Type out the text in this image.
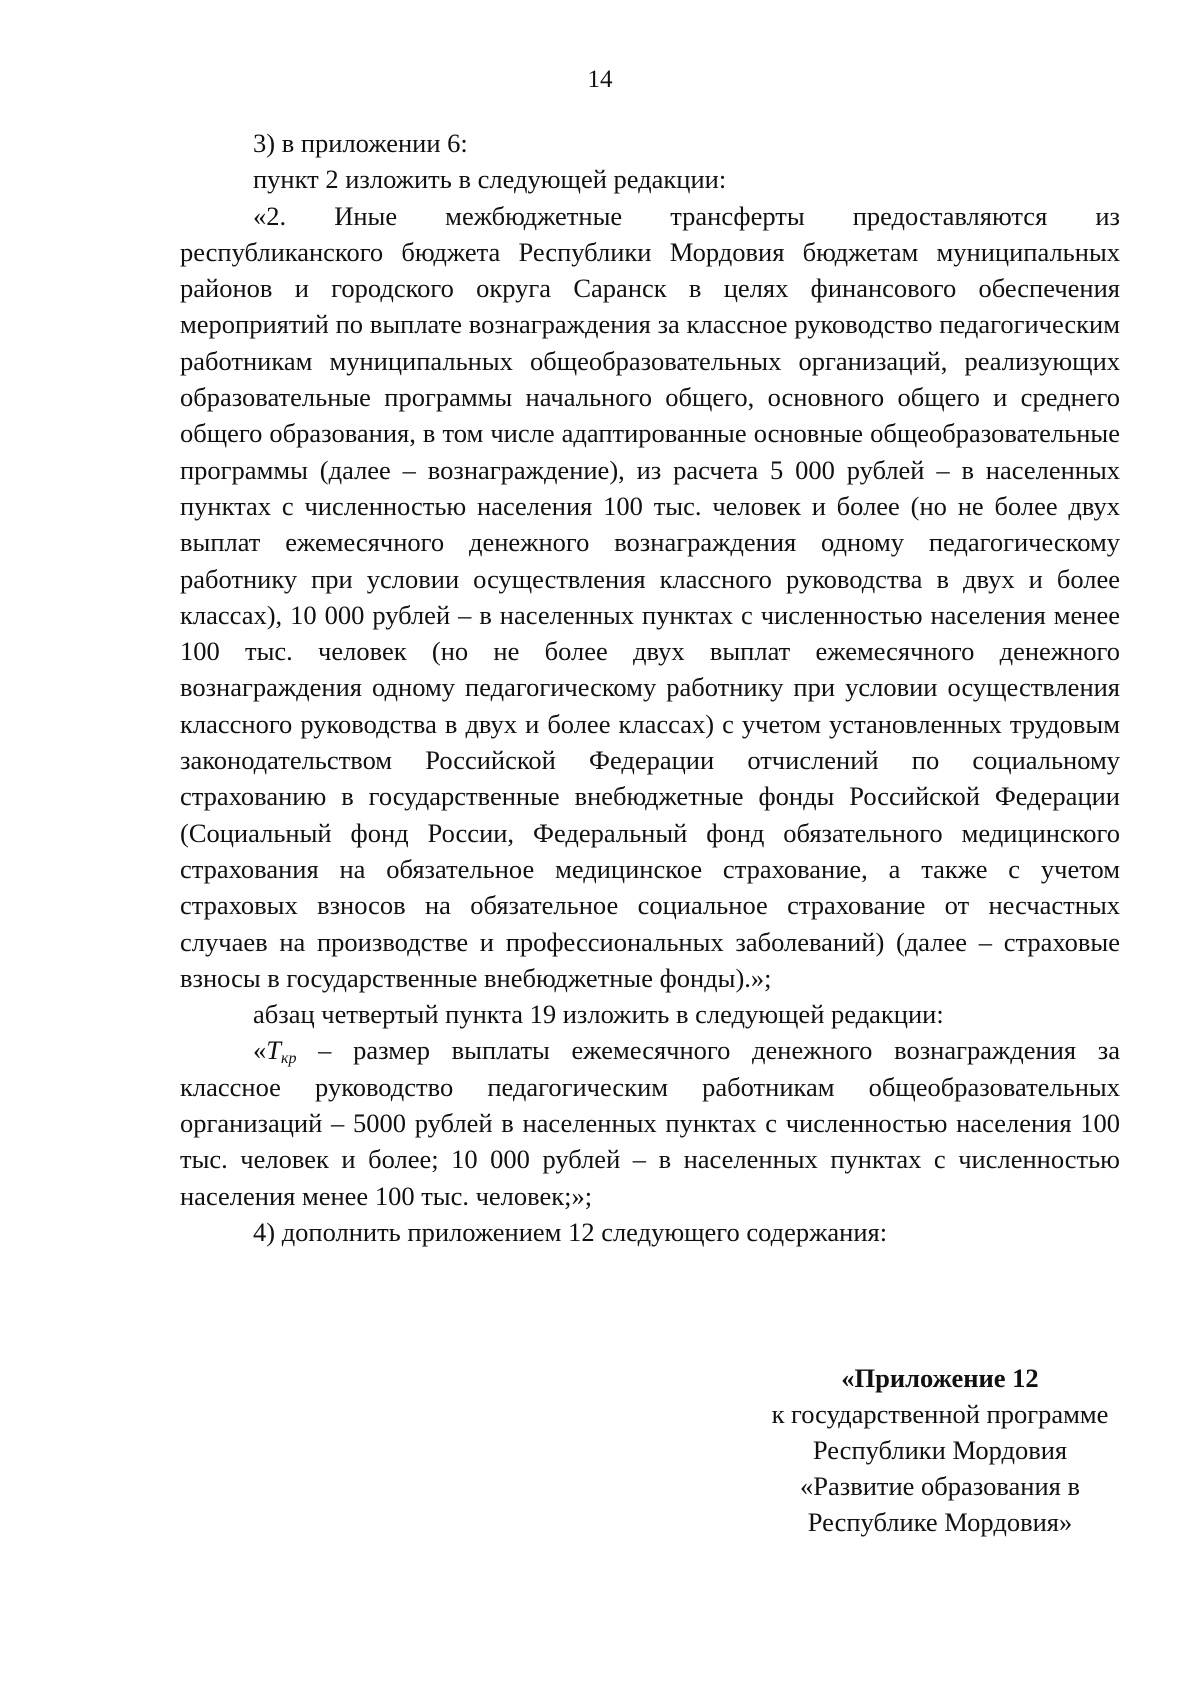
14

3) в приложении 6:

пункт 2 изложить в следующей редакции:

«2. Иные межбюджетные трансферты предоставляются из республиканского бюджета Республики Мордовия бюджетам муниципальных районов и городского округа Саранск в целях финансового обеспечения мероприятий по выплате вознаграждения за классное руководство педагогическим работникам муниципальных общеобразовательных организаций, реализующих образовательные программы начального общего, основного общего и среднего общего образования, в том числе адаптированные основные общеобразовательные программы (далее – вознаграждение), из расчета 5 000 рублей – в населенных пунктах с численностью населения 100 тыс. человек и более (но не более двух выплат ежемесячного денежного вознаграждения одному педагогическому работнику при условии осуществления классного руководства в двух и более классах), 10 000 рублей – в населенных пунктах с численностью населения менее 100 тыс. человек (но не более двух выплат ежемесячного денежного вознаграждения одному педагогическому работнику при условии осуществления классного руководства в двух и более классах) с учетом установленных трудовым законодательством Российской Федерации отчислений по социальному страхованию в государственные внебюджетные фонды Российской Федерации (Социальный фонд России, Федеральный фонд обязательного медицинского страхования на обязательное медицинское страхование, а также с учетом страховых взносов на обязательное социальное страхование от несчастных случаев на производстве и профессиональных заболеваний) (далее – страховые взносы в государственные внебюджетные фонды).»;

абзац четвертый пункта 19 изложить в следующей редакции:

«$T_{кр}$ – размер выплаты ежемесячного денежного вознаграждения за классное руководство педагогическим работникам общеобразовательных организаций – 5000 рублей в населенных пунктах с численностью населения 100 тыс. человек и более; 10 000 рублей – в населенных пунктах с численностью населения менее 100 тыс. человек;»;

4) дополнить приложением 12 следующего содержания:

«Приложение 12
к государственной программе
Республики Мордовия
«Развитие образования в
Республике Мордовия»
